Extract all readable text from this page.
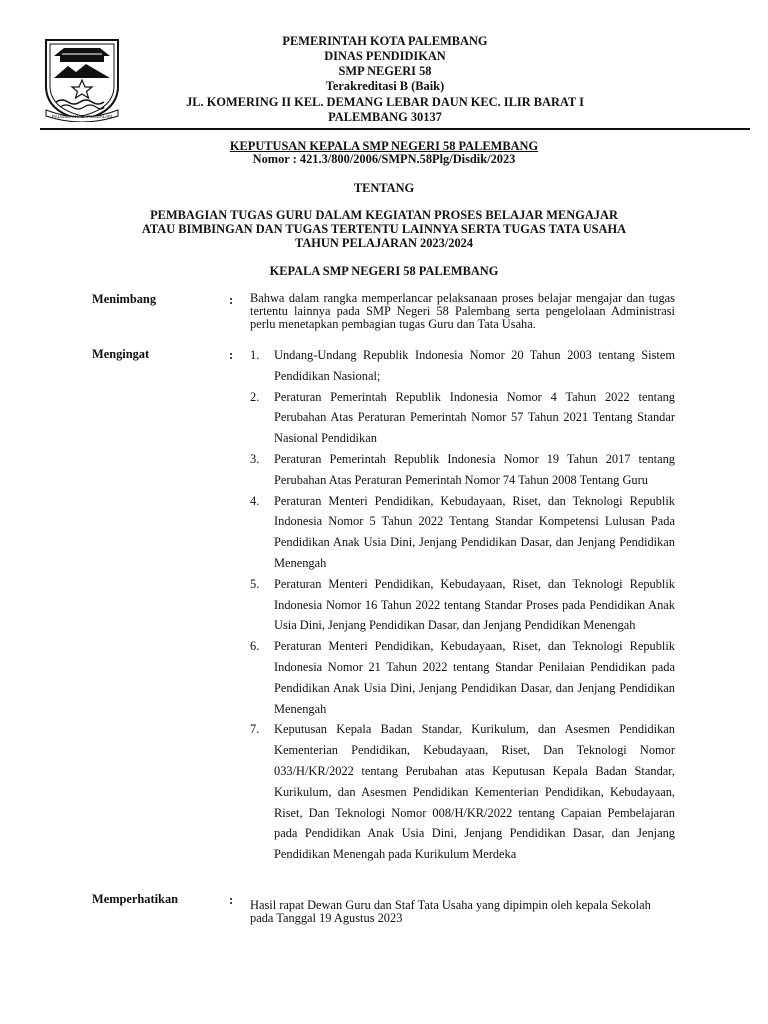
PALEMBANG DARUSSALAM
PEMERINTAH KOTA PALEMBANG
DINAS PENDIDIKAN
SMP NEGERI 58
Terakreditasi B (Baik)
JL. KOMERING II KEL. DEMANG LEBAR DAUN KEC. ILIR BARAT I
PALEMBANG 30137
KEPUTUSAN KEPALA SMP NEGERI 58 PALEMBANG
Nomor : 421.3/800/2006/SMPN.58Plg/Disdik/2023
TENTANG
PEMBAGIAN TUGAS GURU DALAM KEGIATAN PROSES BELAJAR MENGAJAR
ATAU BIMBINGAN DAN TUGAS TERTENTU LAINNYA SERTA TUGAS TATA USAHA
TAHUN PELAJARAN 2023/2024
KEPALA SMP NEGERI 58 PALEMBANG
Menimbang	: Bahwa dalam rangka memperlancar pelaksanaan proses belajar mengajar dan tugas tertentu lainnya pada SMP Negeri 58 Palembang serta pengelolaan Administrasi perlu menetapkan pembagian tugas Guru dan Tata Usaha.
Mengingat	: 1. Undang-Undang Republik Indonesia Nomor 20 Tahun 2003 tentang Sistem Pendidikan Nasional;

2. Peraturan Pemerintah Republik Indonesia Nomor 4 Tahun 2022 tentang Perubahan Atas Peraturan Pemerintah Nomor 57 Tahun 2021 Tentang Standar Nasional Pendidikan

3. Peraturan Pemerintah Republik Indonesia Nomor 19 Tahun 2017 tentang Perubahan Atas Peraturan Pemerintah Nomor 74 Tahun 2008 Tentang Guru

4. Peraturan Menteri Pendidikan, Kebudayaan, Riset, dan Teknologi Republik Indonesia Nomor 5 Tahun 2022 Tentang Standar Kompetensi Lulusan Pada Pendidikan Anak Usia Dini, Jenjang Pendidikan Dasar, dan Jenjang Pendidikan Menengah

5. Peraturan Menteri Pendidikan, Kebudayaan, Riset, dan Teknologi Republik Indonesia Nomor 16 Tahun 2022 tentang Standar Proses pada Pendidikan Anak Usia Dini, Jenjang Pendidikan Dasar, dan Jenjang Pendidikan Menengah

6. Peraturan Menteri Pendidikan, Kebudayaan, Riset, dan Teknologi Republik Indonesia Nomor 21 Tahun 2022 tentang Standar Penilaian Pendidikan pada Pendidikan Anak Usia Dini, Jenjang Pendidikan Dasar, dan Jenjang Pendidikan Menengah

7. Keputusan Kepala Badan Standar, Kurikulum, dan Asesmen Pendidikan Kementerian Pendidikan, Kebudayaan, Riset, Dan Teknologi Nomor 033/H/KR/2022 tentang Perubahan atas Keputusan Kepala Badan Standar, Kurikulum, dan Asesmen Pendidikan Kementerian Pendidikan, Kebudayaan, Riset, Dan Teknologi Nomor 008/H/KR/2022 tentang Capaian Pembelajaran pada Pendidikan Anak Usia Dini, Jenjang Pendidikan Dasar, dan Jenjang Pendidikan Menengah pada Kurikulum Merdeka

Memperhatikan	: Hasil rapat Dewan Guru dan Staf Tata Usaha yang dipimpin oleh kepala Sekolah pada Tanggal 19 Agustus 2023
